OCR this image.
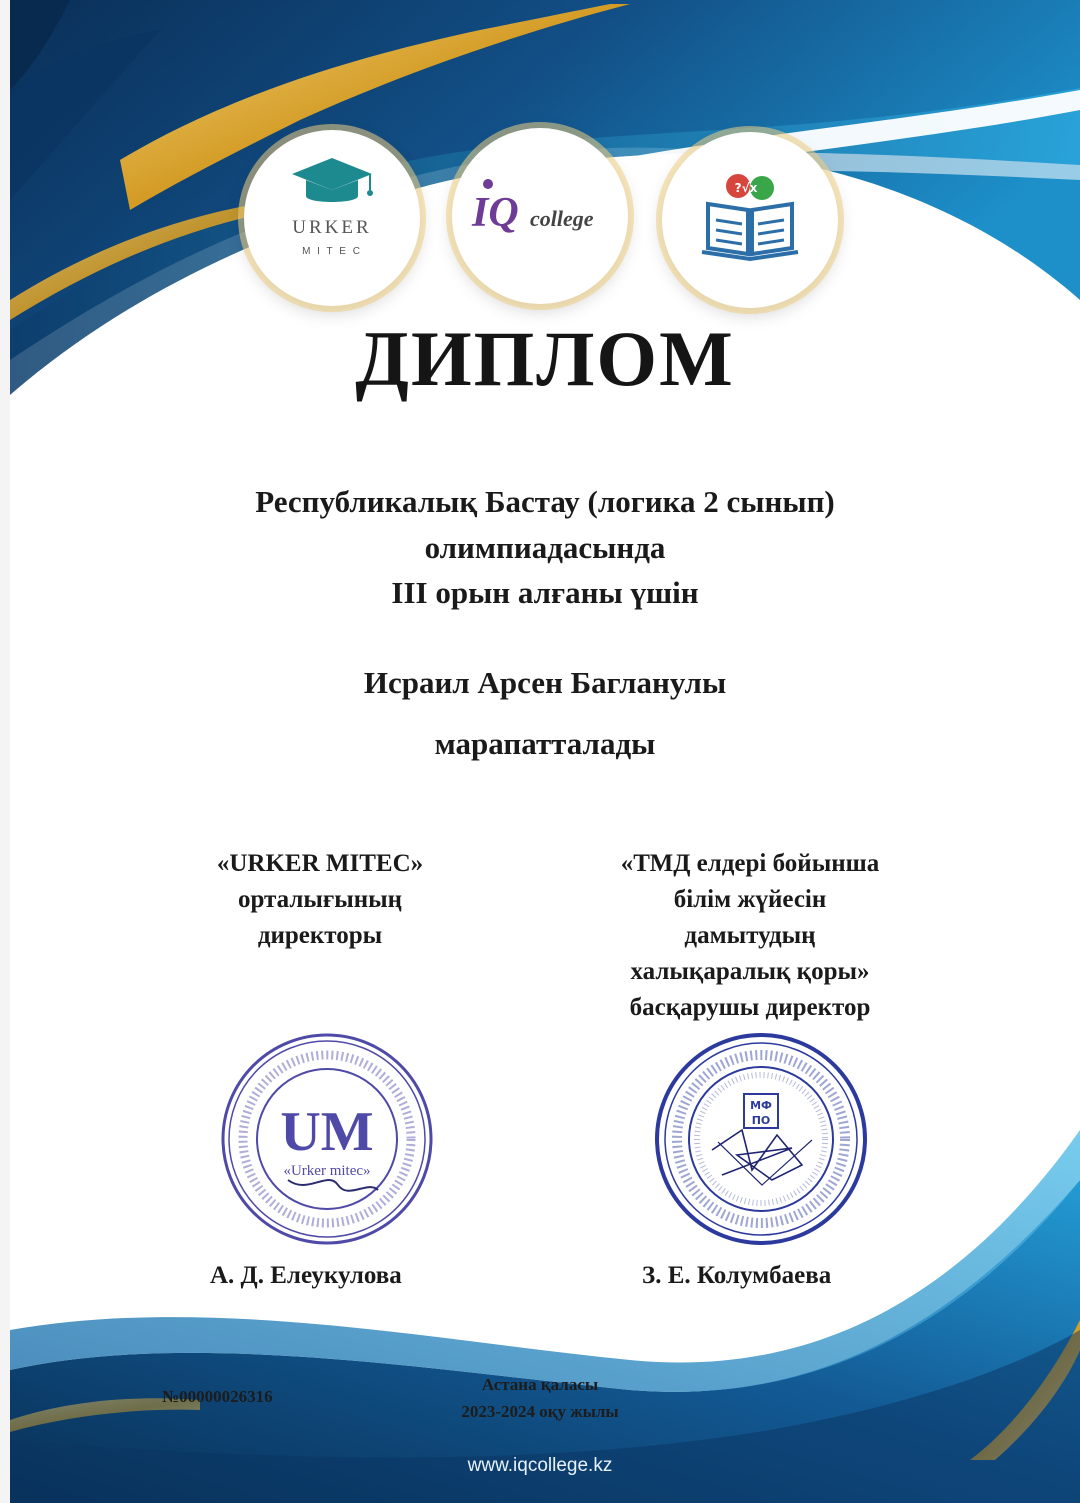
URKER
M I T E C
IQ college
?√x
ДИПЛОМ
Республикалық Бастау (логика 2 сынып)
олимпиадасында
III орын алғаны үшін
Исраил Арсен Багланулы
марапатталады
«URKER MITEC»
орталығының
директоры
«ТМД елдері бойынша
білім жүйесін
дамытудың
халықаралық қоры»
басқарушы директор
UM
«Urker mitec»
МФ
ПО
А. Д. Елеукулова	З. Е. Колумбаева
№00000026316
Астана қаласы
2023-2024 оқу жылы
www.iqcollege.kz
